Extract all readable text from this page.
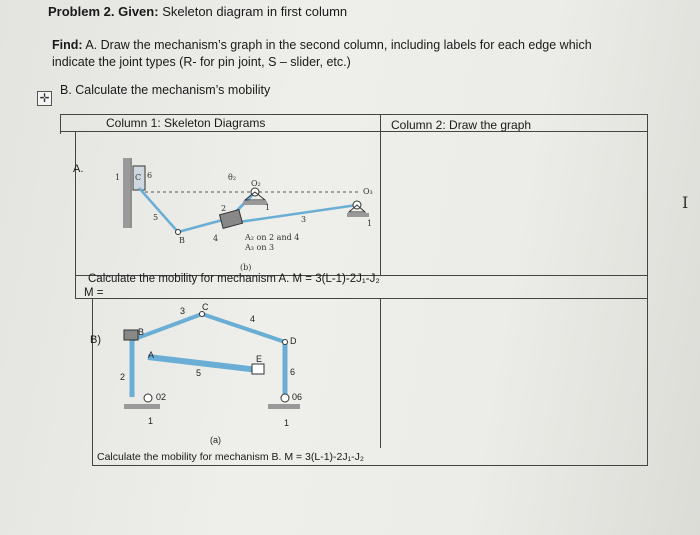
Problem 2. Given: Skeleton diagram in first column
Find: A. Draw the mechanism’s graph in the second column, including labels for each edge which
indicate the joint types (R- for pin joint, S – slider, etc.)
B. Calculate the mechanism’s mobility
✛
Column 1: Skeleton Diagrams	Column 2: Draw the graph
A.
Calculate the mobility for mechanism A. M = 3(L-1)-2J₁-J₂
M =
B)
Calculate the mobility for mechanism B. M = 3(L-1)-2J₁-J₂
1 C 6	θ₂
O₂
2	1
O₃
3	1
5
B	4	A₂ on 2 and 4
A₃ on 3
(b)
3 C
4
B
A
D
E
5	6
2
02	06
1	1
(a)
I
